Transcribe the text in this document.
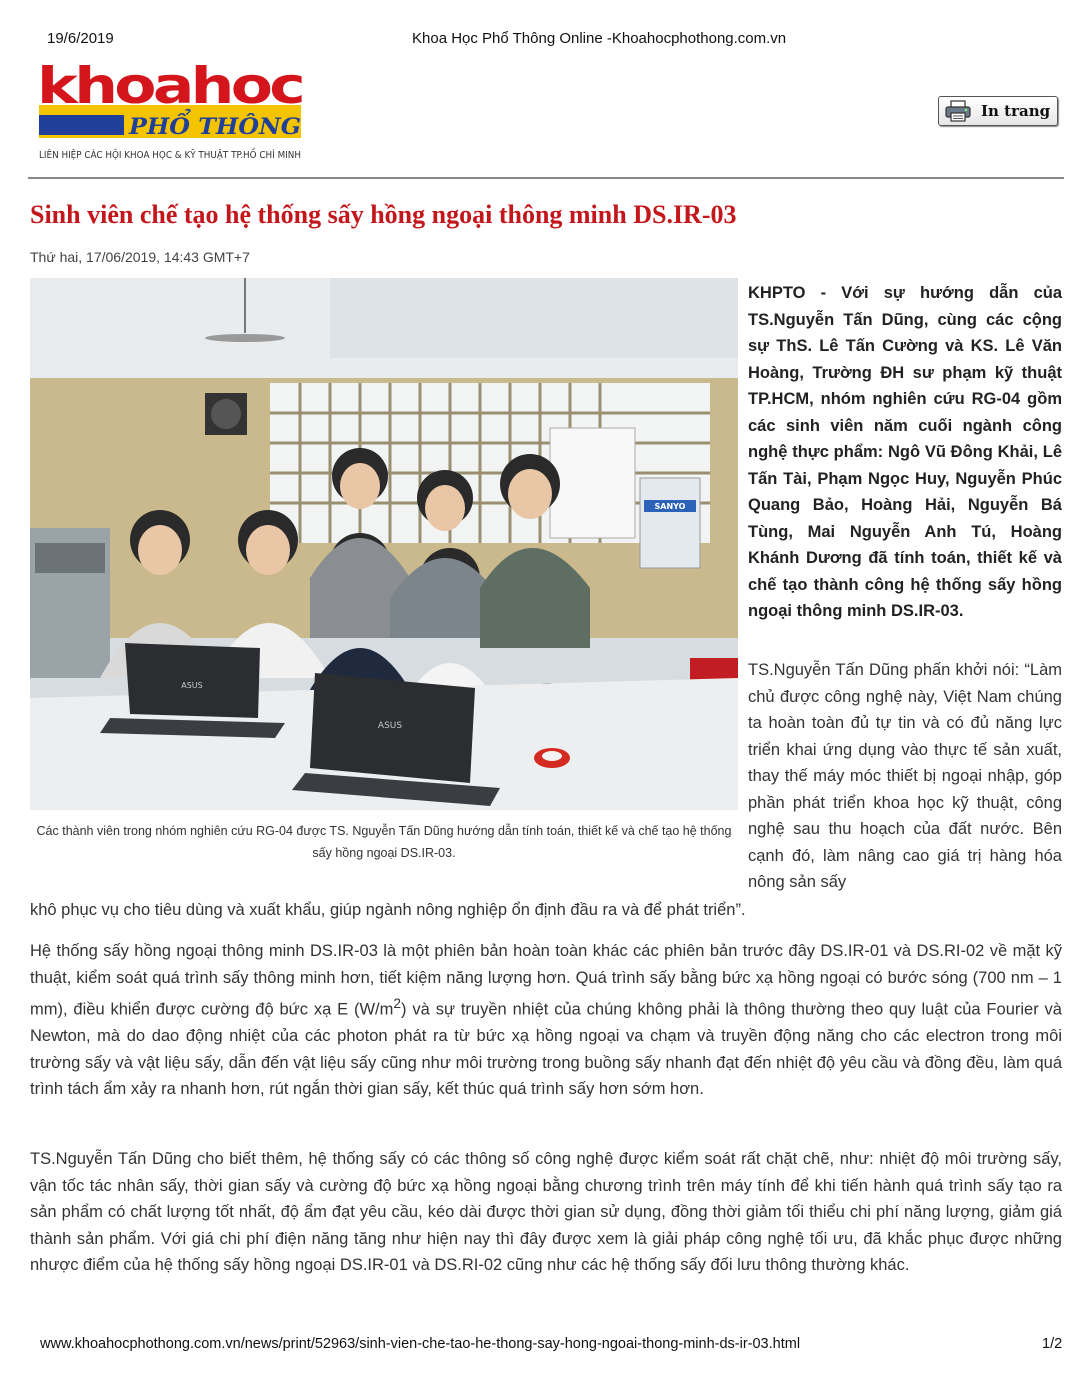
19/6/2019	Khoa Học Phổ Thông Online -Khoahocphothong.com.vn
khoahoc
PHỔ THÔNG
LIÊN HIỆP CÁC HỘI KHOA HỌC & KỸ THUẬT TP.HỒ CHÍ MINH
In trang
Sinh viên chế tạo hệ thống sấy hồng ngoại thông minh DS.IR-03
Thứ hai, 17/06/2019, 14:43 GMT+7
SANYO
ASUS
ASUS
Các thành viên trong nhóm nghiên cứu RG-04 được TS. Nguyễn Tấn Dũng hướng dẫn tính toán, thiết kế và chế tạo hệ thống sấy hồng ngoại DS.IR-03.

KHPTO - Với sự hướng dẫn của TS.Nguyễn Tấn Dũng, cùng các cộng sự ThS. Lê Tấn Cường và KS. Lê Văn Hoàng, Trường ĐH sư phạm kỹ thuật TP.HCM, nhóm nghiên cứu RG-04 gồm các sinh viên năm cuối ngành công nghệ thực phẩm: Ngô Vũ Đông Khải, Lê Tấn Tài, Phạm Ngọc Huy, Nguyễn Phúc Quang Bảo, Hoàng Hải, Nguyễn Bá Tùng, Mai Nguyễn Anh Tú, Hoàng Khánh Dương đã tính toán, thiết kế và chế tạo thành công hệ thống sấy hồng ngoại thông minh DS.IR-03.

TS.Nguyễn Tấn Dũng phấn khởi nói: “Làm chủ được công nghệ này, Việt Nam chúng ta hoàn toàn đủ tự tin và có đủ năng lực triển khai ứng dụng vào thực tế sản xuất, thay thế máy móc thiết bị ngoại nhập, góp phần phát triển khoa học kỹ thuật, công nghệ sau thu hoạch của đất nước. Bên cạnh đó, làm nâng cao giá trị hàng hóa nông sản sấy

khô phục vụ cho tiêu dùng và xuất khẩu, giúp ngành nông nghiệp ổn định đầu ra và để phát triển”.

Hệ thống sấy hồng ngoại thông minh DS.IR-03 là một phiên bản hoàn toàn khác các phiên bản trước đây DS.IR-01 và DS.RI-02 về mặt kỹ thuật, kiểm soát quá trình sấy thông minh hơn, tiết kiệm năng lượng hơn. Quá trình sấy bằng bức xạ hồng ngoại có bước sóng (700 nm – 1 mm), điều khiển được cường độ bức xạ E $(W/m^2)$ và sự truyền nhiệt của chúng không phải là thông thường theo quy luật của Fourier và Newton, mà do dao động nhiệt của các photon phát ra từ bức xạ hồng ngoại va chạm và truyền động năng cho các electron trong môi trường sấy và vật liệu sấy, dẫn đến vật liệu sấy cũng như môi trường trong buồng sấy nhanh đạt đến nhiệt độ yêu cầu và đồng đều, làm quá trình tách ẩm xảy ra nhanh hơn, rút ngắn thời gian sấy, kết thúc quá trình sấy hơn sớm hơn.

TS.Nguyễn Tấn Dũng cho biết thêm, hệ thống sấy có các thông số công nghệ được kiểm soát rất chặt chẽ, như: nhiệt độ môi trường sấy, vận tốc tác nhân sấy, thời gian sấy và cường độ bức xạ hồng ngoại bằng chương trình trên máy tính để khi tiến hành quá trình sấy tạo ra sản phẩm có chất lượng tốt nhất, độ ẩm đạt yêu cầu, kéo dài được thời gian sử dụng, đồng thời giảm tối thiểu chi phí năng lượng, giảm giá thành sản phẩm. Với giá chi phí điện năng tăng như hiện nay thì đây được xem là giải pháp công nghệ tối ưu, đã khắc phục được những nhược điểm của hệ thống sấy hồng ngoại DS.IR-01 và DS.RI-02 cũng như các hệ thống sấy đối lưu thông thường khác.

www.khoahocphothong.com.vn/news/print/52963/sinh-vien-che-tao-he-thong-say-hong-ngoai-thong-minh-ds-ir-03.html	1/2
